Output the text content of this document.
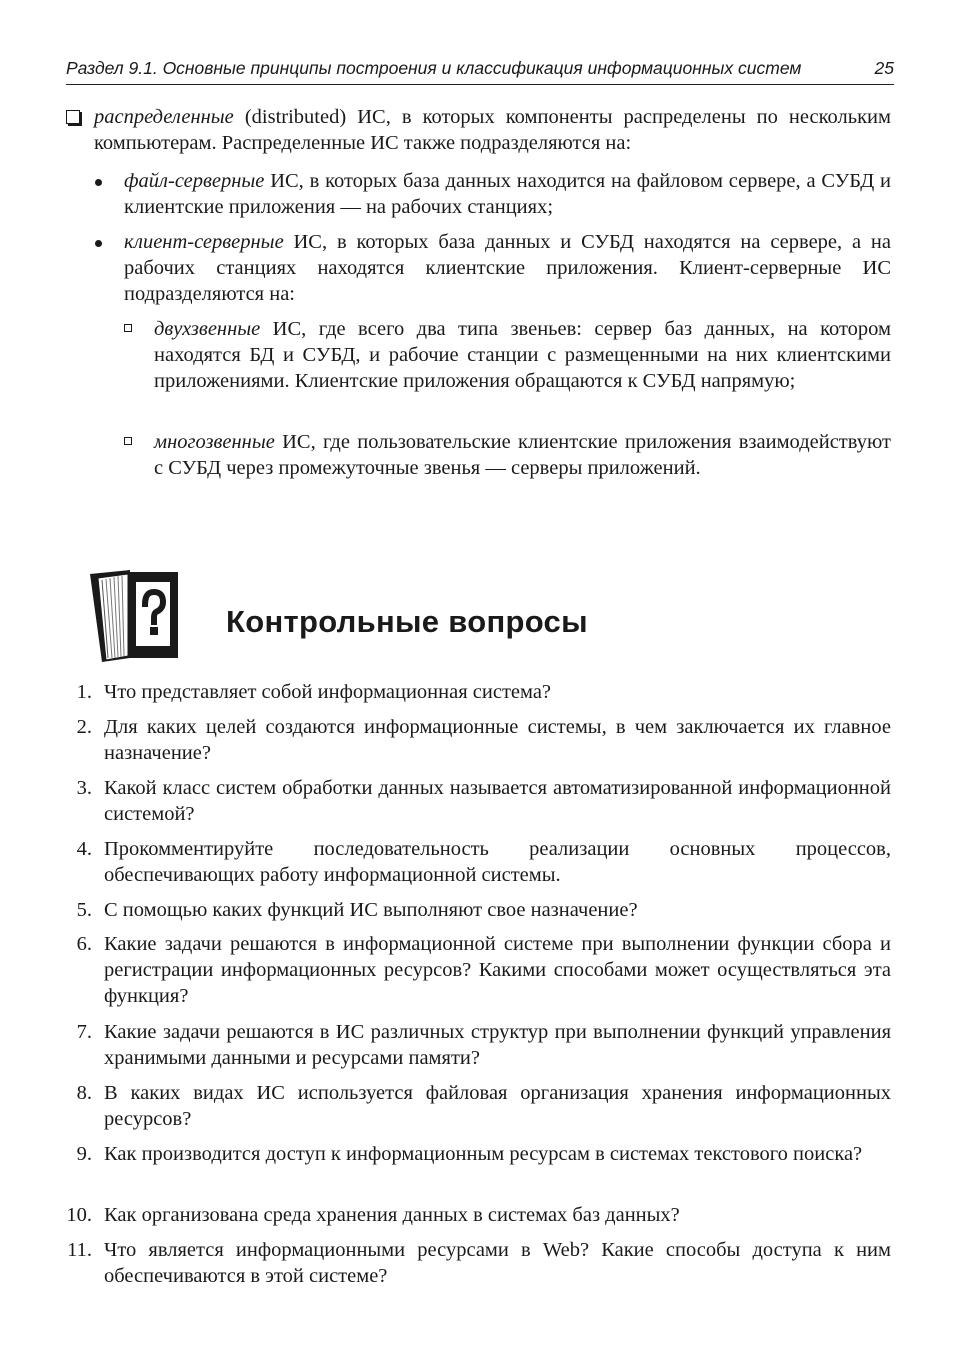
Раздел 9.1. Основные принципы построения и классификация информационных систем	25
распределенные (distributed) ИС, в которых компоненты распределены по нескольким компьютерам. Распределенные ИС также подразделяются на:
файл-серверные ИС, в которых база данных находится на файловом сервере, а СУБД и клиентские приложения — на рабочих станциях;
клиент-серверные ИС, в которых база данных и СУБД находятся на сервере, а на рабочих станциях находятся клиентские приложения. Клиент-серверные ИС подразделяются на:
двухзвенные ИС, где всего два типа звеньев: сервер баз данных, на котором находятся БД и СУБД, и рабочие станции с размещенными на них клиентскими приложениями. Клиентские приложения обращаются к СУБД напрямую;
многозвенные ИС, где пользовательские клиентские приложения взаимодействуют с СУБД через промежуточные звенья — серверы приложений.
Контрольные вопросы
1. Что представляет собой информационная система?
2. Для каких целей создаются информационные системы, в чем заключается их главное назначение?
3. Какой класс систем обработки данных называется автоматизированной информационной системой?
4. Прокомментируйте последовательность реализации основных процессов, обеспечивающих работу информационной системы.
5. С помощью каких функций ИС выполняют свое назначение?
6. Какие задачи решаются в информационной системе при выполнении функции сбора и регистрации информационных ресурсов? Какими способами может осуществляться эта функция?
7. Какие задачи решаются в ИС различных структур при выполнении функций управления хранимыми данными и ресурсами памяти?
8. В каких видах ИС используется файловая организация хранения информационных ресурсов?
9. Как производится доступ к информационным ресурсам в системах текстового поиска?
10. Как организована среда хранения данных в системах баз данных?
11. Что является информационными ресурсами в Web? Какие способы доступа к ним обеспечиваются в этой системе?
